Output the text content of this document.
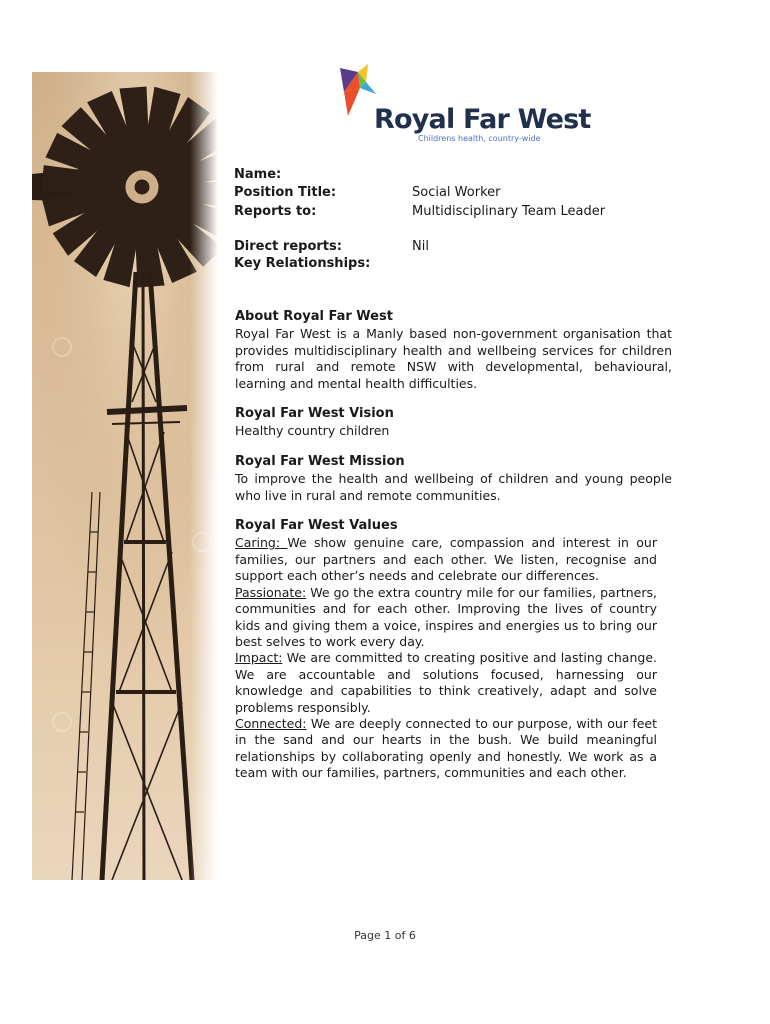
Royal Far West
Childrens health, country-wide
Name:
Position Title:	Social Worker
Reports to:	Multidisciplinary Team Leader
Direct reports:	Nil
Key Relationships:
About Royal Far West

Royal Far West is a Manly based non-government organisation that provides multidisciplinary health and wellbeing services for children from rural and remote NSW with developmental, behavioural, learning and mental health difficulties.

Royal Far West Vision

Healthy country children

Royal Far West Mission

To improve the health and wellbeing of children and young people who live in rural and remote communities.

Royal Far West Values

Caring: We show genuine care, compassion and interest in our families, our partners and each other. We listen, recognise and support each other’s needs and celebrate our differences.

Passionate: We go the extra country mile for our families, partners, communities and for each other. Improving the lives of country kids and giving them a voice, inspires and energies us to bring our best selves to work every day.

Impact: We are committed to creating positive and lasting change. We are accountable and solutions focused, harnessing our knowledge and capabilities to think creatively, adapt and solve problems responsibly.

Connected: We are deeply connected to our purpose, with our feet in the sand and our hearts in the bush. We build meaningful relationships by collaborating openly and honestly. We work as a team with our families, partners, communities and each other.

Page 1 of 6
